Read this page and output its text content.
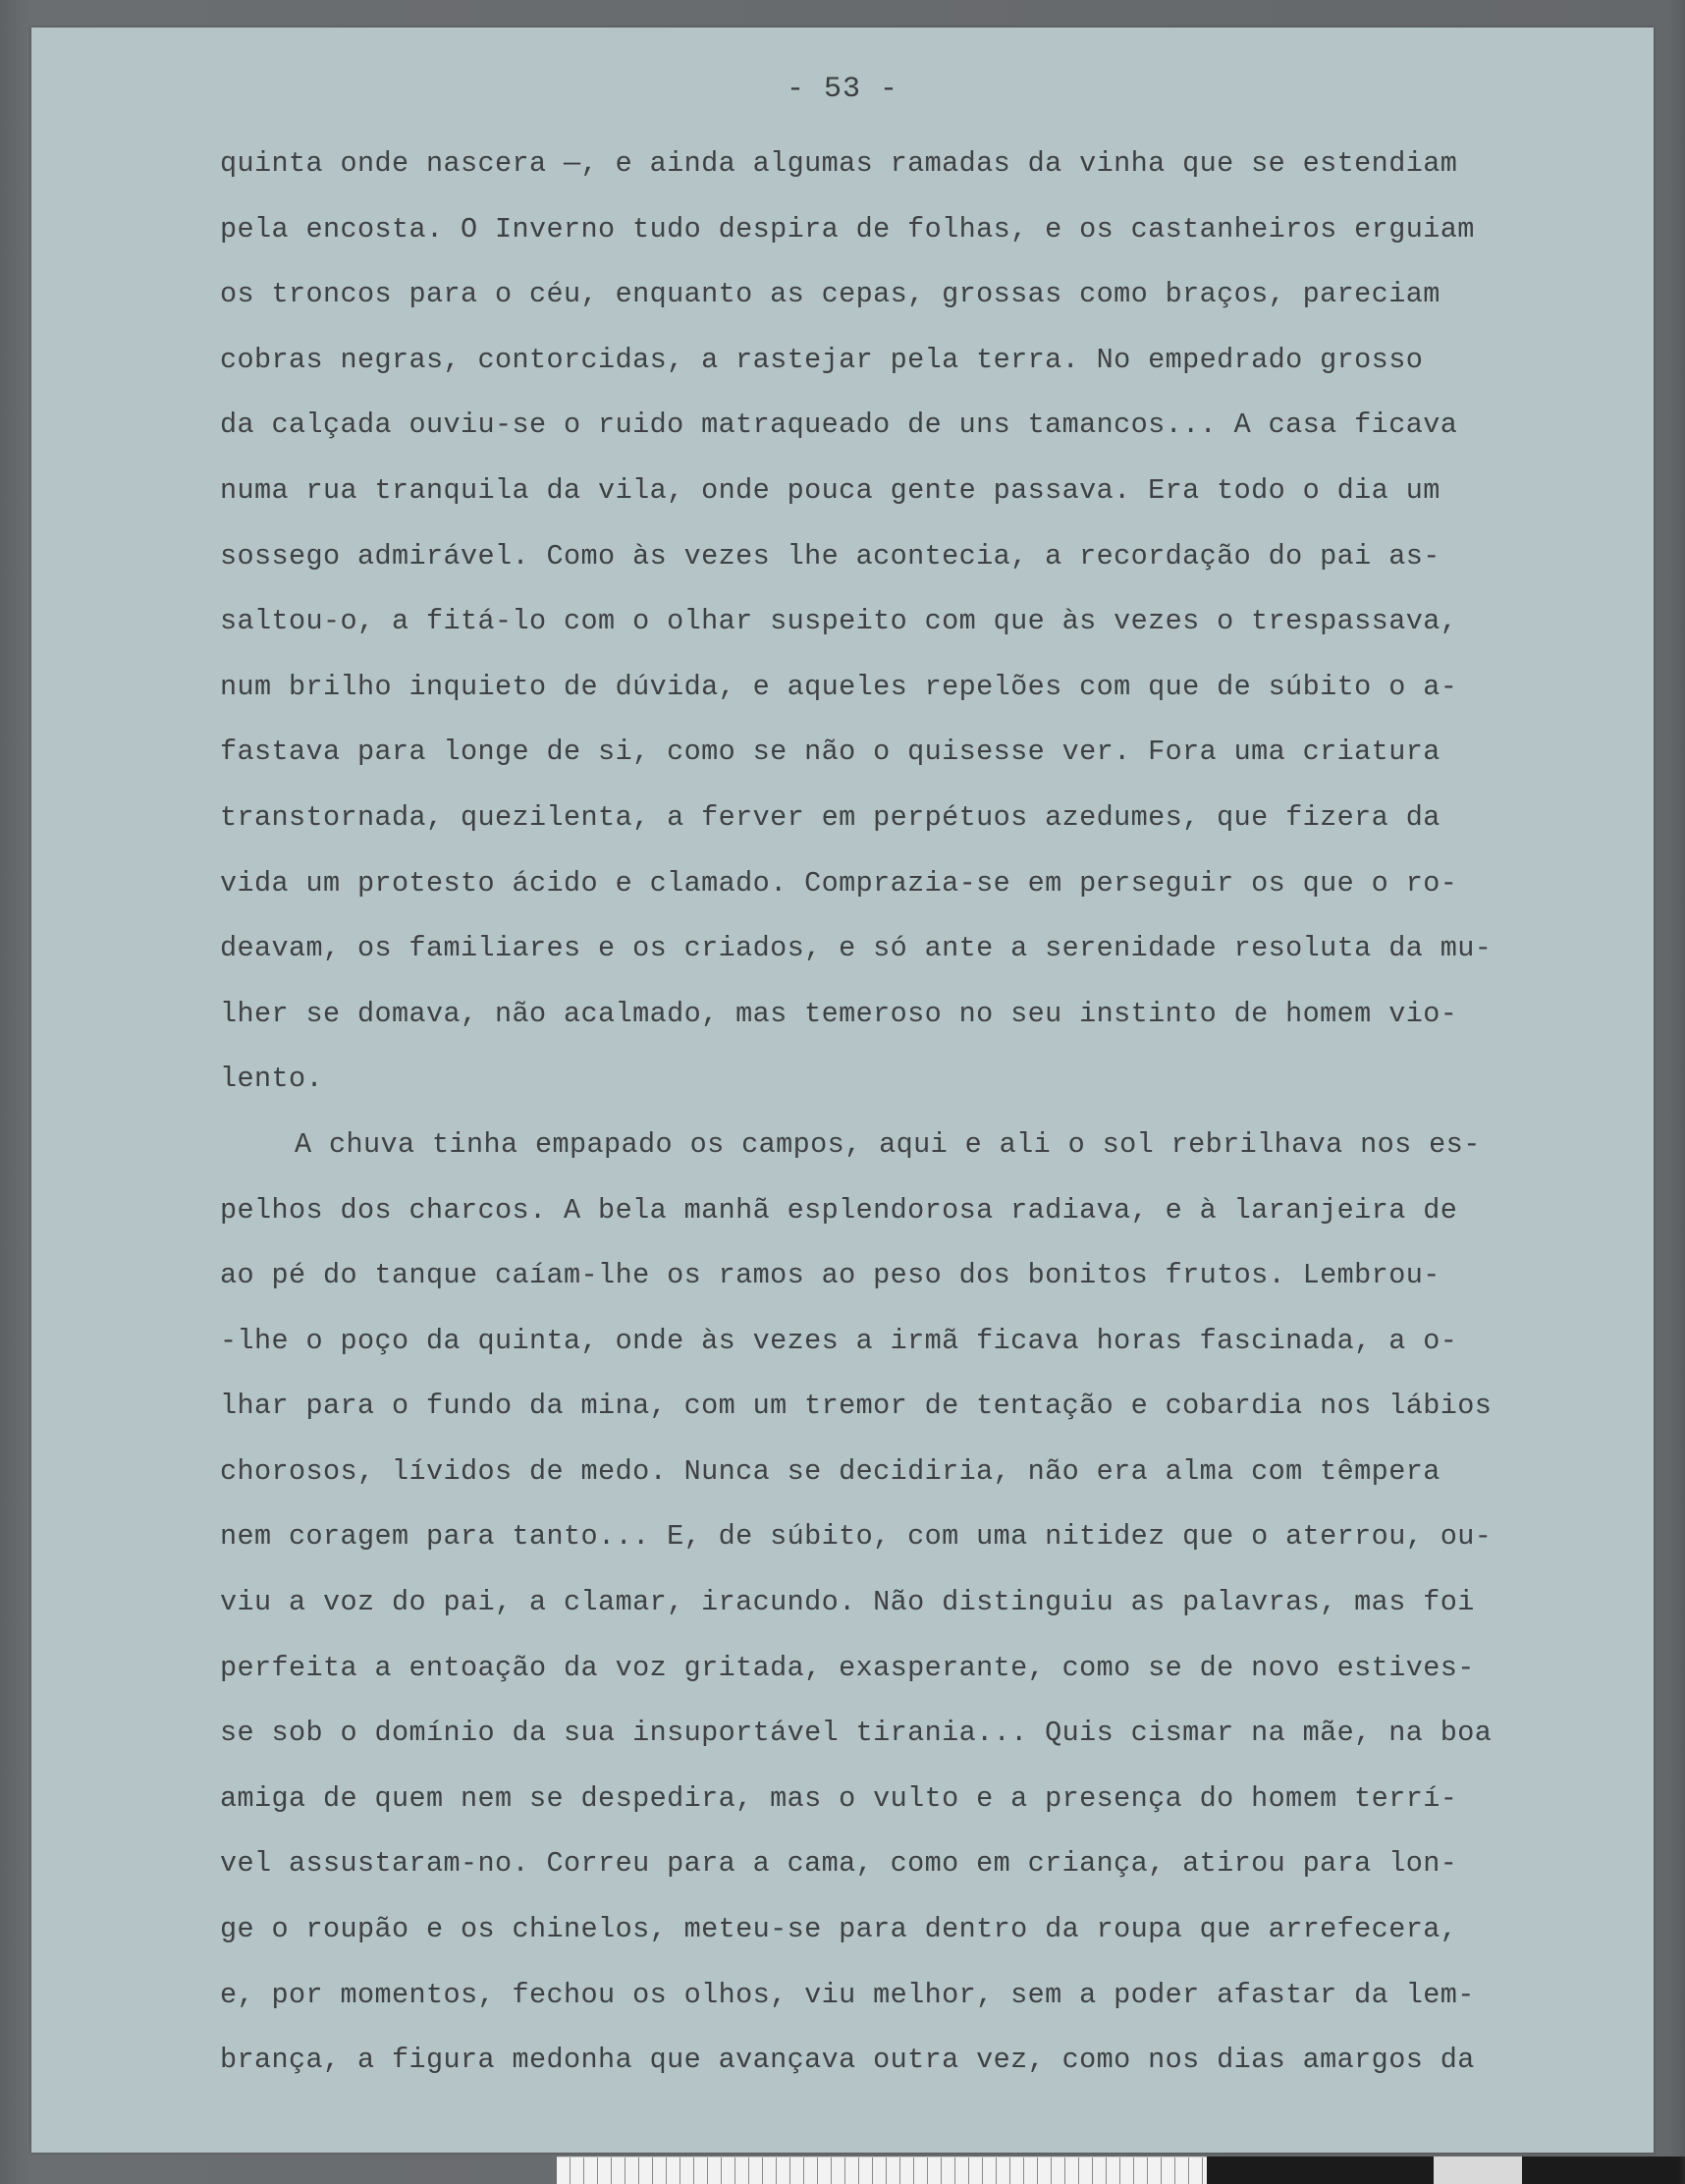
- 53 -
quinta onde nascera —, e ainda algumas ramadas da vinha que se estendiam
pela encosta. O Inverno tudo despira de folhas, e os castanheiros erguiam
os troncos para o céu, enquanto as cepas, grossas como braços, pareciam
cobras negras, contorcidas, a rastejar pela terra. No empedrado grosso
da calçada ouviu-se o ruido matraqueado de uns tamancos... A casa ficava
numa rua tranquila da vila, onde pouca gente passava. Era todo o dia um
sossego admirável. Como às vezes lhe acontecia, a recordação do pai as-
saltou-o, a fitá-lo com o olhar suspeito com que às vezes o trespassava,
num brilho inquieto de dúvida, e aqueles repelões com que de súbito o a-
fastava para longe de si, como se não o quisesse ver. Fora uma criatura
transtornada, quezilenta, a ferver em perpétuos azedumes, que fizera da
vida um protesto ácido e clamado. Comprazia-se em perseguir os que o ro-
deavam, os familiares e os criados, e só ante a serenidade resoluta da mu-
lher se domava, não acalmado, mas temeroso no seu instinto de homem vio-
lento.
A chuva tinha empapado os campos, aqui e ali o sol rebrilhava nos es-
pelhos dos charcos. A bela manhã esplendorosa radiava, e à laranjeira de
ao pé do tanque caíam-lhe os ramos ao peso dos bonitos frutos. Lembrou-
-lhe o poço da quinta, onde às vezes a irmã ficava horas fascinada, a o-
lhar para o fundo da mina, com um tremor de tentação e cobardia nos lábios
chorosos, lívidos de medo. Nunca se decidiria, não era alma com têmpera
nem coragem para tanto... E, de súbito, com uma nitidez que o aterrou, ou-
viu a voz do pai, a clamar, iracundo. Não distinguiu as palavras, mas foi
perfeita a entoação da voz gritada, exasperante, como se de novo estives-
se sob o domínio da sua insuportável tirania... Quis cismar na mãe, na boa
amiga de quem nem se despedira, mas o vulto e a presença do homem terrí-
vel assustaram-no. Correu para a cama, como em criança, atirou para lon-
ge o roupão e os chinelos, meteu-se para dentro da roupa que arrefecera,
e, por momentos, fechou os olhos, viu melhor, sem a poder afastar da lem-
brança, a figura medonha que avançava outra vez, como nos dias amargos da
